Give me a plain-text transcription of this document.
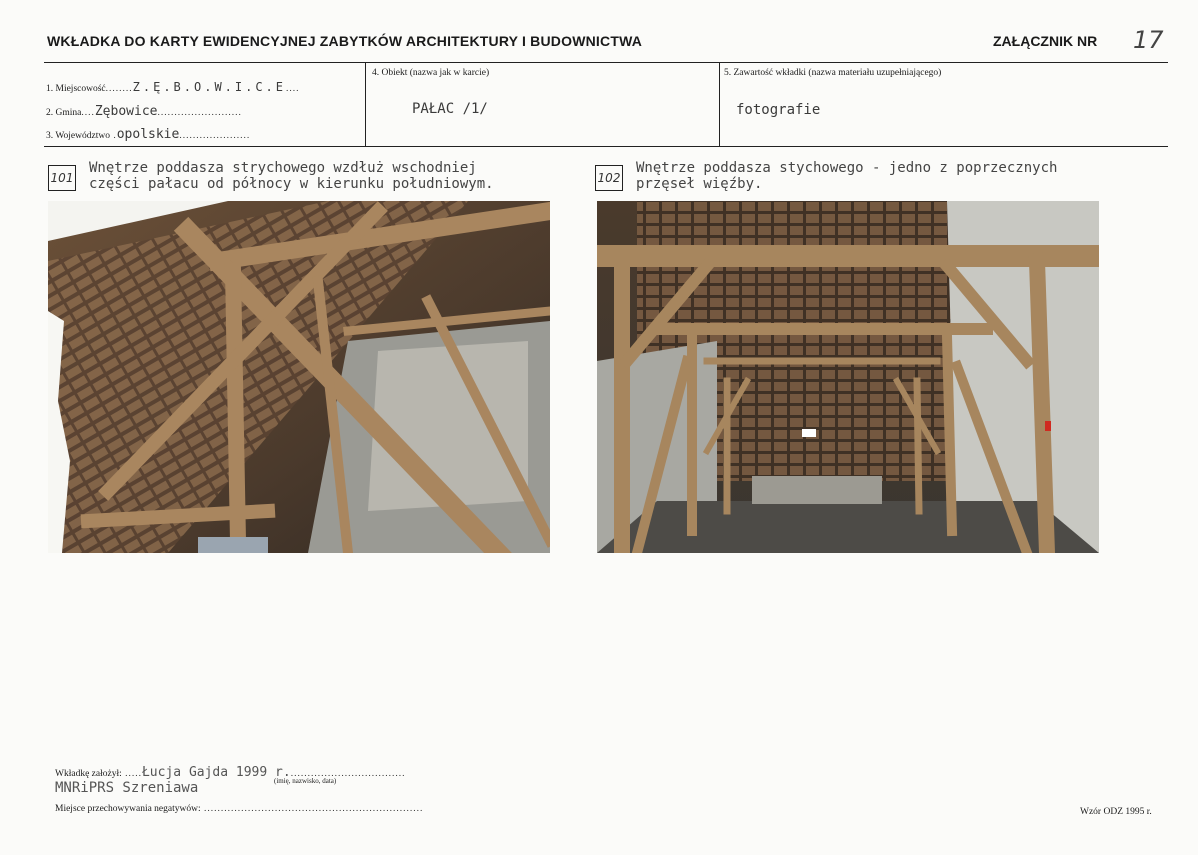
WKŁADKA DO KARTY EWIDENCYJNEJ ZABYTKÓW ARCHITEKTURY I BUDOWNICTWA	ZAŁĄCZNIK NR 17
1. Miejscowość........Z.Ę.B.O.W.I.C.E....
2. Gmina....Zębowice.........................
3. Województwo .opolskie.....................
4. Obiekt (nazwa jak w karcie)
PAŁAC /1/
5. Zawartość wkładki (nazwa materiału uzupełniającego)
fotografie
101
Wnętrze poddasza strychowego wzdłuż wschodniej
części pałacu od północy w kierunku południowym.	102
Wnętrze poddasza stychowego - jedno z poprzecznych
przęseł więźby.
Wkładkę założył: .....Łucja Gajda 1999 r...................................
(imię, nazwisko, data)
MNRiPRS Szreniawa
Miejsce przechowywania negatywów: .................................................................	Wzór ODZ 1995 r.
